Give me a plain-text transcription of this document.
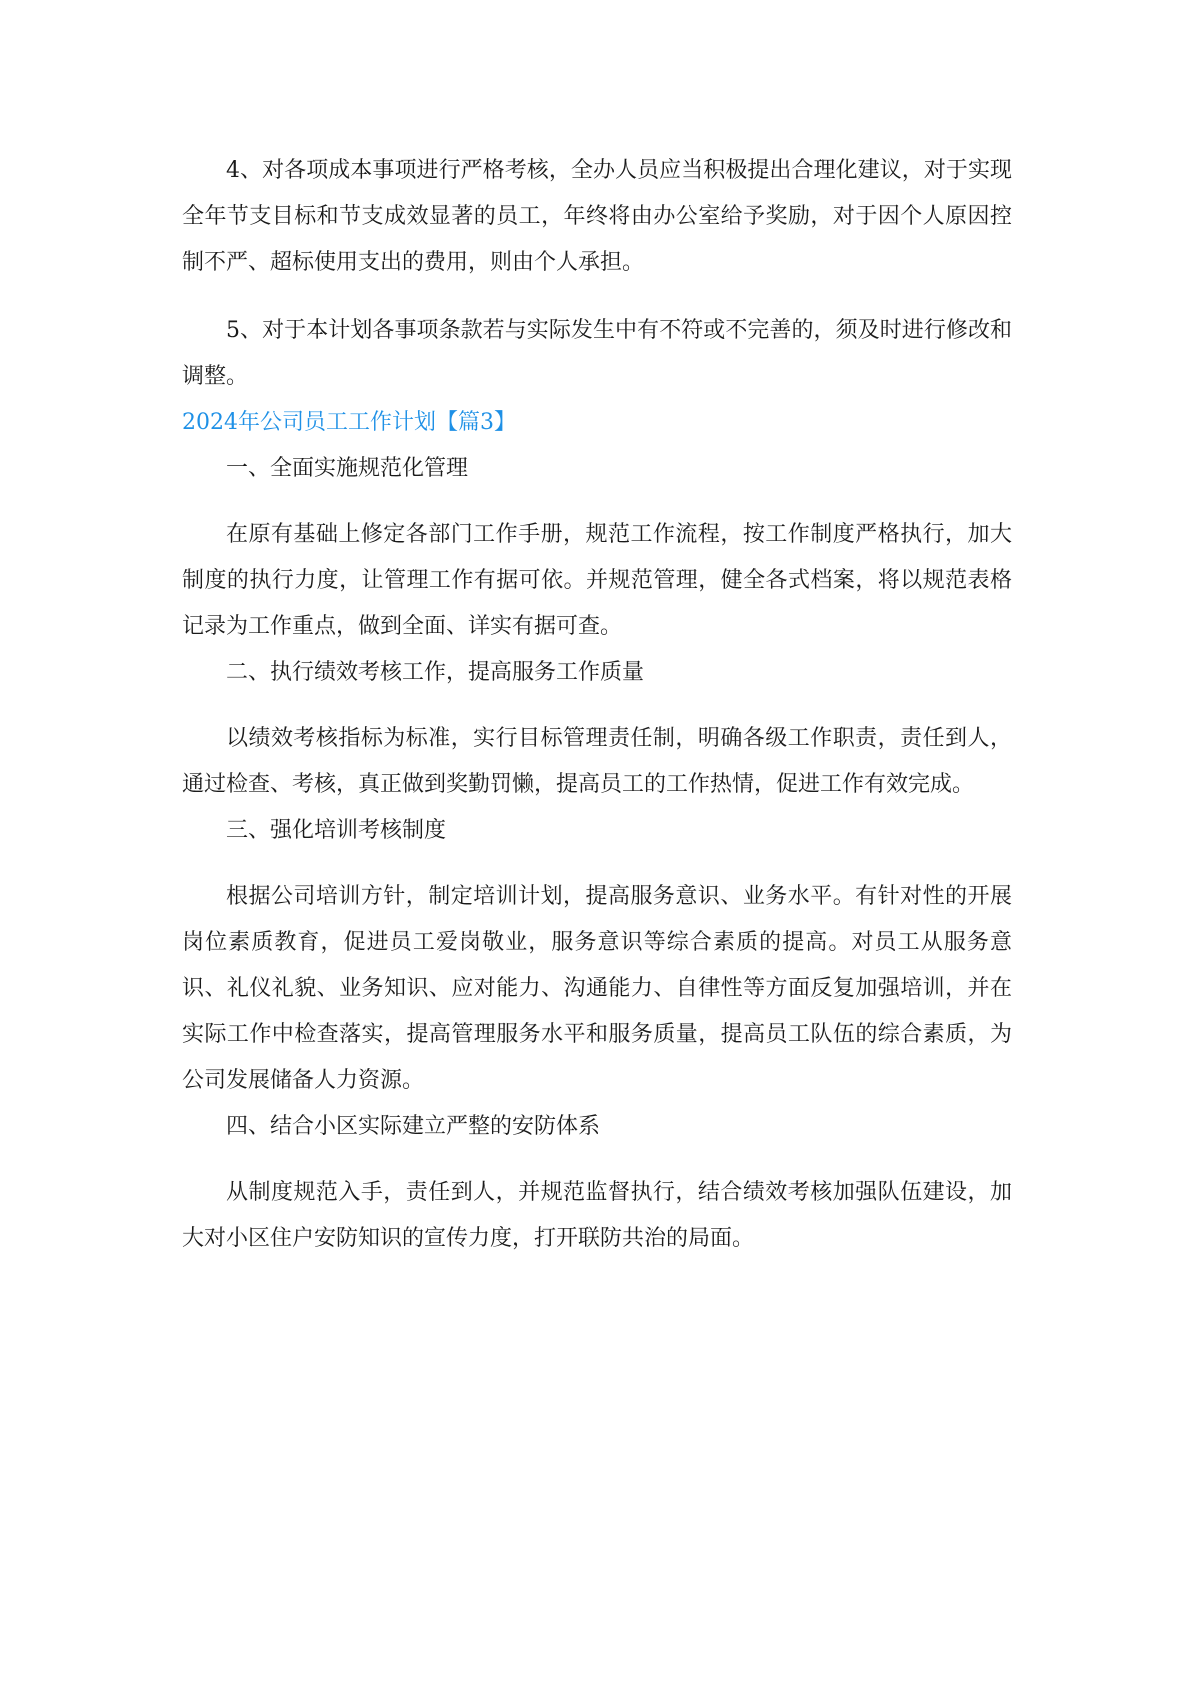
4、对各项成本事项进行严格考核，全办人员应当积极提出合理化建议，对于实现全年节支目标和节支成效显著的员工，年终将由办公室给予奖励，对于因个人原因控制不严、超标使用支出的费用，则由个人承担。

5、对于本计划各事项条款若与实际发生中有不符或不完善的，须及时进行修改和调整。

2024年公司员工工作计划【篇3】

一、全面实施规范化管理

在原有基础上修定各部门工作手册，规范工作流程，按工作制度严格执行，加大制度的执行力度，让管理工作有据可依。并规范管理，健全各式档案，将以规范表格记录为工作重点，做到全面、详实有据可查。

二、执行绩效考核工作，提高服务工作质量

以绩效考核指标为标准，实行目标管理责任制，明确各级工作职责，责任到人，通过检查、考核，真正做到奖勤罚懒，提高员工的工作热情，促进工作有效完成。

三、强化培训考核制度

根据公司培训方针，制定培训计划，提高服务意识、业务水平。有针对性的开展岗位素质教育，促进员工爱岗敬业，服务意识等综合素质的提高。对员工从服务意识、礼仪礼貌、业务知识、应对能力、沟通能力、自律性等方面反复加强培训，并在实际工作中检查落实，提高管理服务水平和服务质量，提高员工队伍的综合素质，为公司发展储备人力资源。

四、结合小区实际建立严整的安防体系

从制度规范入手，责任到人，并规范监督执行，结合绩效考核加强队伍建设，加大对小区住户安防知识的宣传力度，打开联防共治的局面。
